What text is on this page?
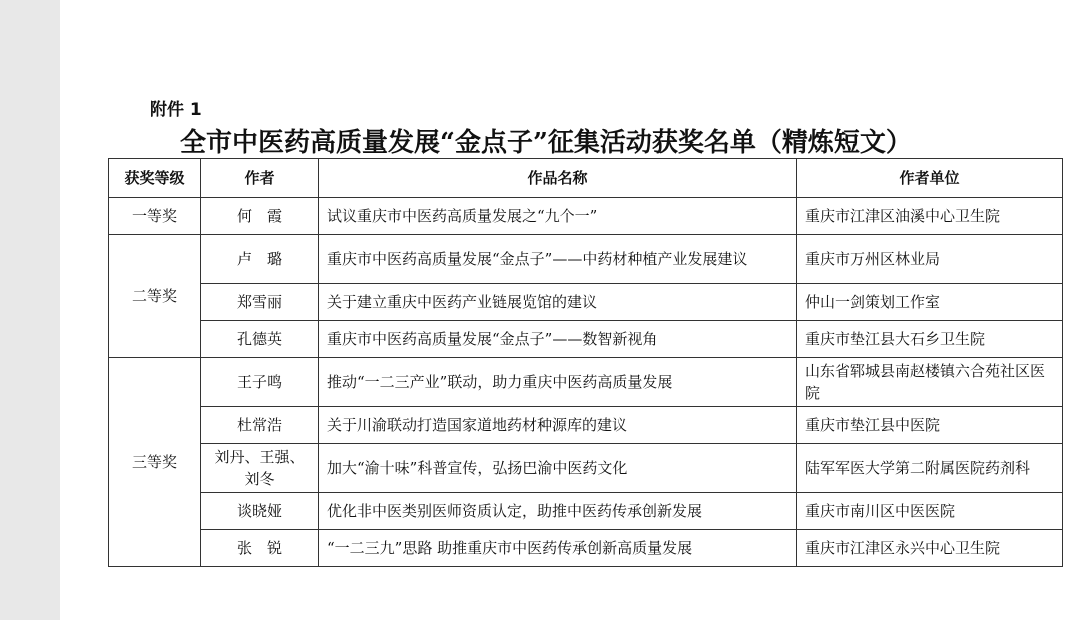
附件 1
全市中医药高质量发展“金点子”征集活动获奖名单（精炼短文）
获奖等级	作者	作品名称	作者单位
一等奖	何　霞	试议重庆市中医药高质量发展之“九个一”	重庆市江津区油溪中心卫生院
二等奖	卢　璐	重庆市中医药高质量发展“金点子”——中药材种植产业发展建议	重庆市万州区林业局
	郑雪丽	关于建立重庆中医药产业链展览馆的建议	仲山一剑策划工作室
	孔德英	重庆市中医药高质量发展“金点子”——数智新视角	重庆市垫江县大石乡卫生院
三等奖	王子鸣	推动“一二三产业”联动，助力重庆中医药高质量发展	山东省郓城县南赵楼镇六合苑社区医院
	杜常浩	关于川渝联动打造国家道地药材种源库的建议	重庆市垫江县中医院
	刘丹、王强、刘冬	加大“渝十味”科普宣传，弘扬巴渝中医药文化	陆军军医大学第二附属医院药剂科
	谈晓娅	优化非中医类别医师资质认定，助推中医药传承创新发展	重庆市南川区中医医院
	张　锐	“一二三九”思路 助推重庆市中医药传承创新高质量发展	重庆市江津区永兴中心卫生院
